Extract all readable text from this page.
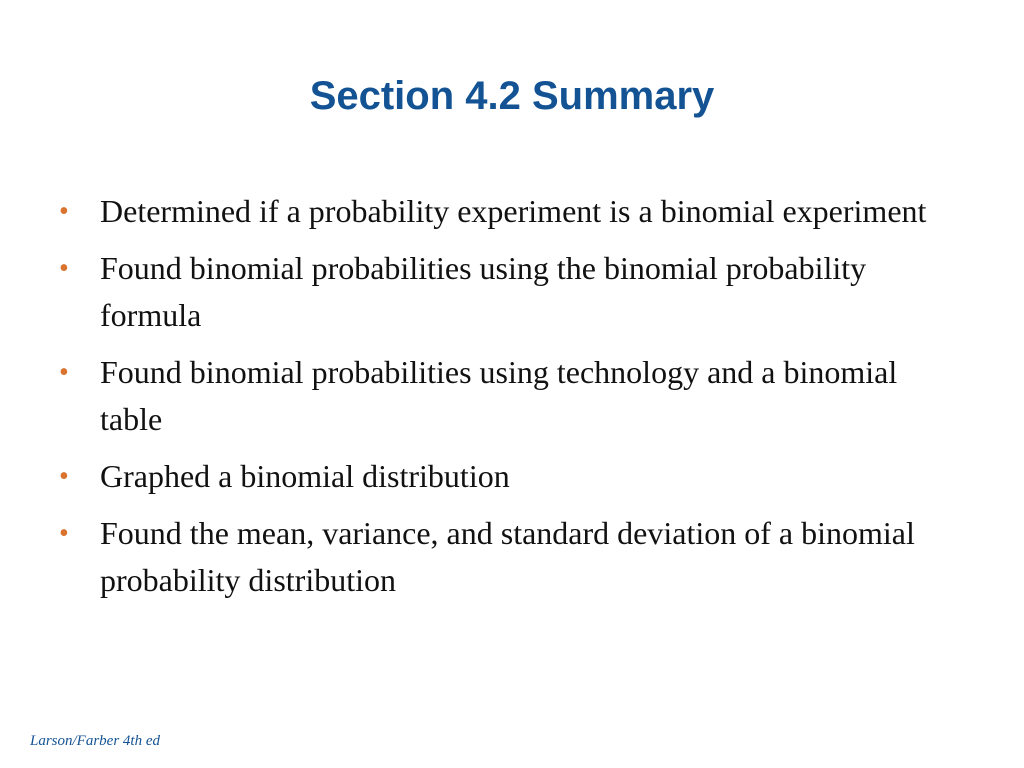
Section 4.2 Summary
• Determined if a probability experiment is a binomial experiment
• Found binomial probabilities using the binomial probability formula
• Found binomial probabilities using technology and a binomial table
• Graphed a binomial distribution
• Found the mean, variance, and standard deviation of a binomial probability distribution
Larson/Farber 4th ed
